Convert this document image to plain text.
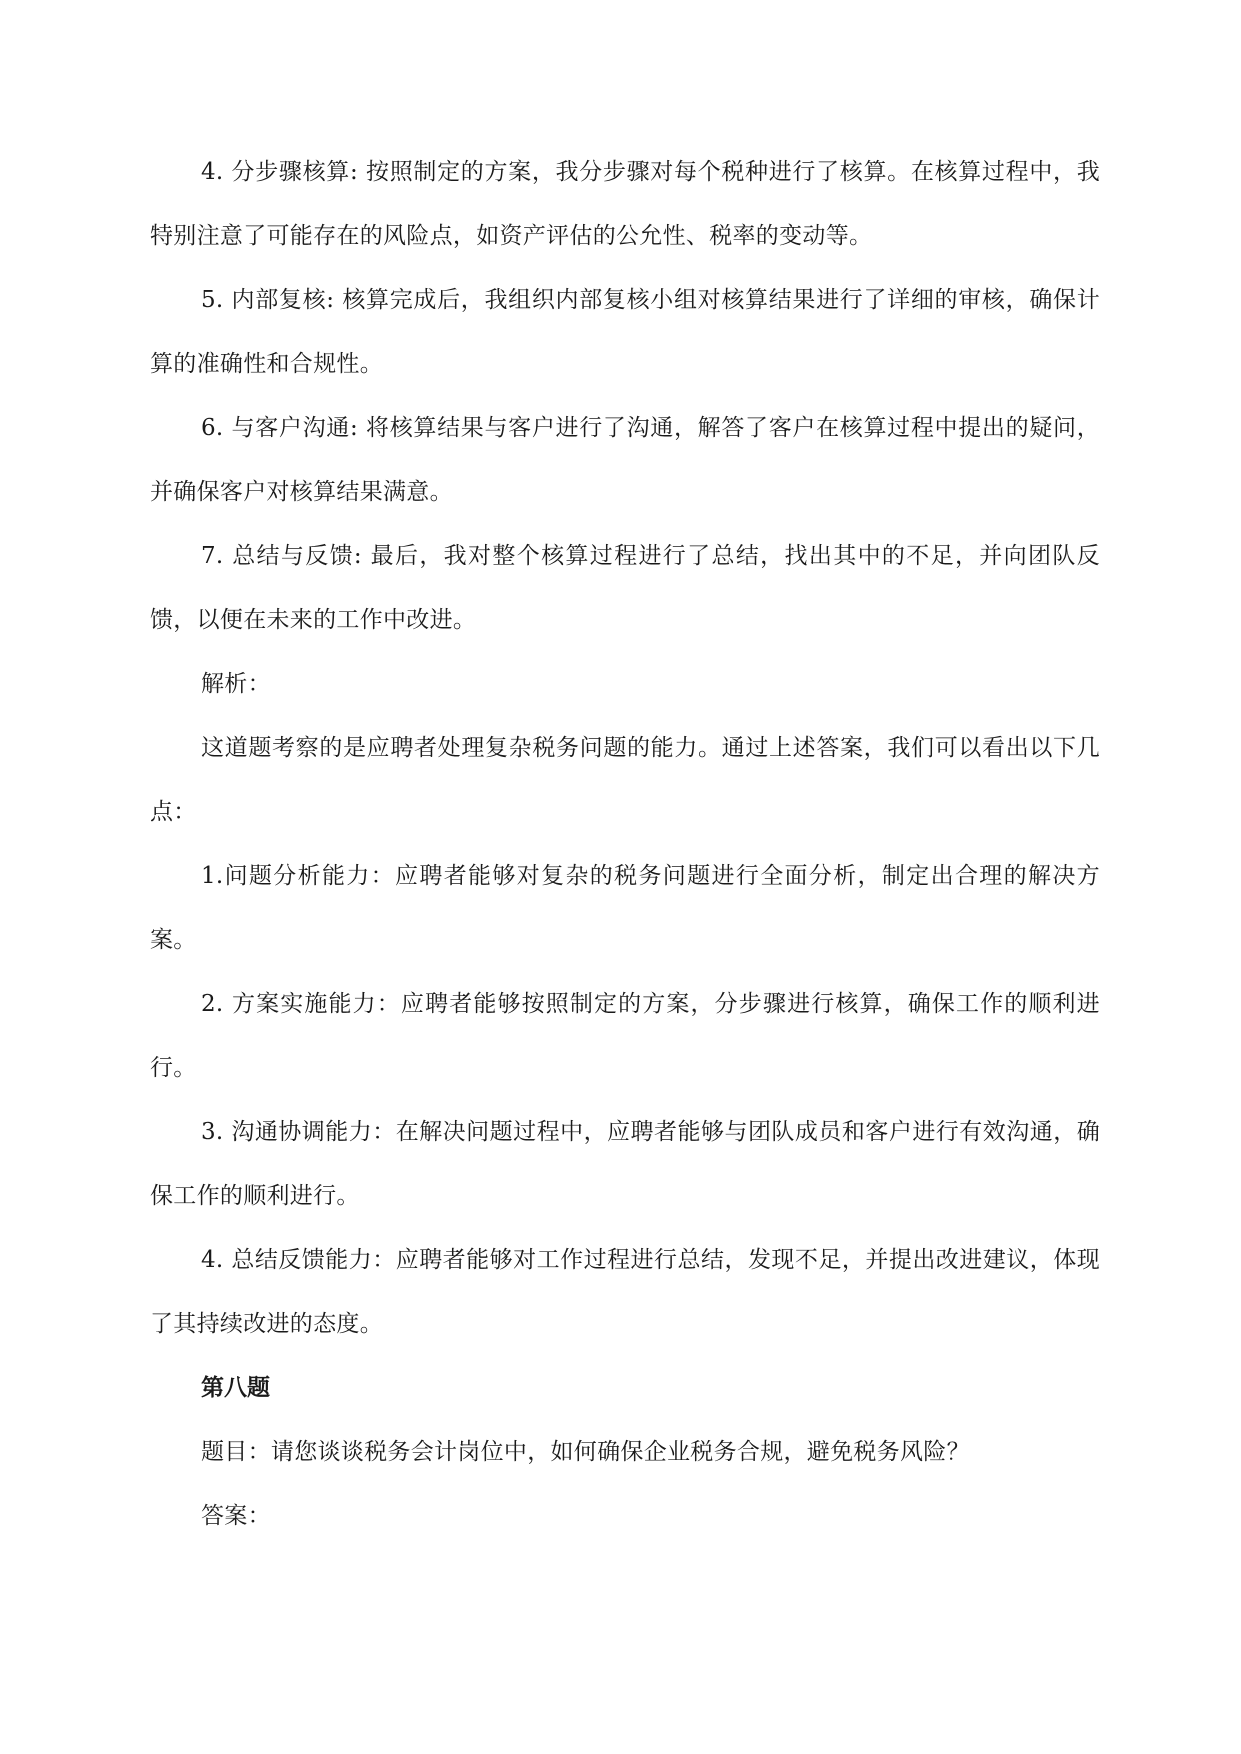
4. 分步骤核算: 按照制定的方案，我分步骤对每个税种进行了核算。在核算过程中，我特别注意了可能存在的风险点，如资产评估的公允性、税率的变动等。

5. 内部复核: 核算完成后，我组织内部复核小组对核算结果进行了详细的审核，确保计算的准确性和合规性。

6. 与客户沟通: 将核算结果与客户进行了沟通，解答了客户在核算过程中提出的疑问，并确保客户对核算结果满意。

7. 总结与反馈: 最后，我对整个核算过程进行了总结，找出其中的不足，并向团队反馈，以便在未来的工作中改进。

解析：

这道题考察的是应聘者处理复杂税务问题的能力。通过上述答案，我们可以看出以下几点：

1.问题分析能力：应聘者能够对复杂的税务问题进行全面分析，制定出合理的解决方案。

2. 方案实施能力：应聘者能够按照制定的方案，分步骤进行核算，确保工作的顺利进行。

3. 沟通协调能力：在解决问题过程中，应聘者能够与团队成员和客户进行有效沟通，确保工作的顺利进行。

4. 总结反馈能力：应聘者能够对工作过程进行总结，发现不足，并提出改进建议，体现了其持续改进的态度。

第八题

题目：请您谈谈税务会计岗位中，如何确保企业税务合规，避免税务风险？

答案：
